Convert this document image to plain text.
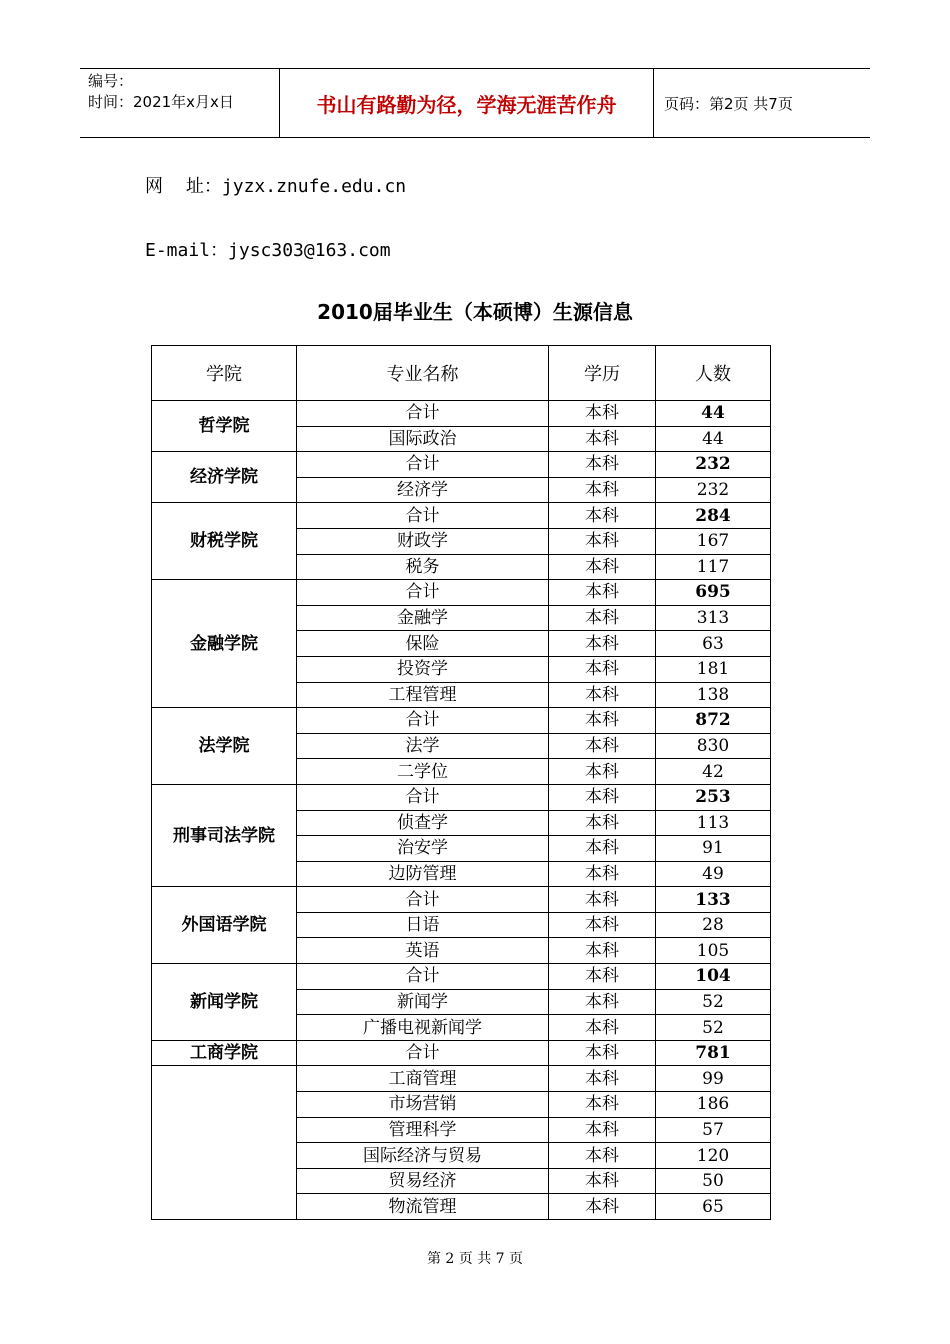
编号：
时间：2021年x月x日	书山有路勤为径，学海无涯苦作舟	页码：第2页 共7页
网    址：jyzx.znufe.edu.cn
E-mail：jysc303@163.com
2010届毕业生（本硕博）生源信息
学院	专业名称	学历	人数
哲学院	合计	本科	44
	国际政治	本科	44
经济学院	合计	本科	232
	经济学	本科	232
财税学院	合计	本科	284
	财政学	本科	167
	税务	本科	117
金融学院	合计	本科	695
	金融学	本科	313
	保险	本科	63
	投资学	本科	181
	工程管理	本科	138
法学院	合计	本科	872
	法学	本科	830
	二学位	本科	42
刑事司法学院	合计	本科	253
	侦查学	本科	113
	治安学	本科	91
	边防管理	本科	49
外国语学院	合计	本科	133
	日语	本科	28
	英语	本科	105
新闻学院	合计	本科	104
	新闻学	本科	52
	广播电视新闻学	本科	52
工商学院	合计	本科	781
	工商管理	本科	99
	市场营销	本科	186
	管理科学	本科	57
	国际经济与贸易	本科	120
	贸易经济	本科	50
	物流管理	本科	65
第 2 页 共 7 页
